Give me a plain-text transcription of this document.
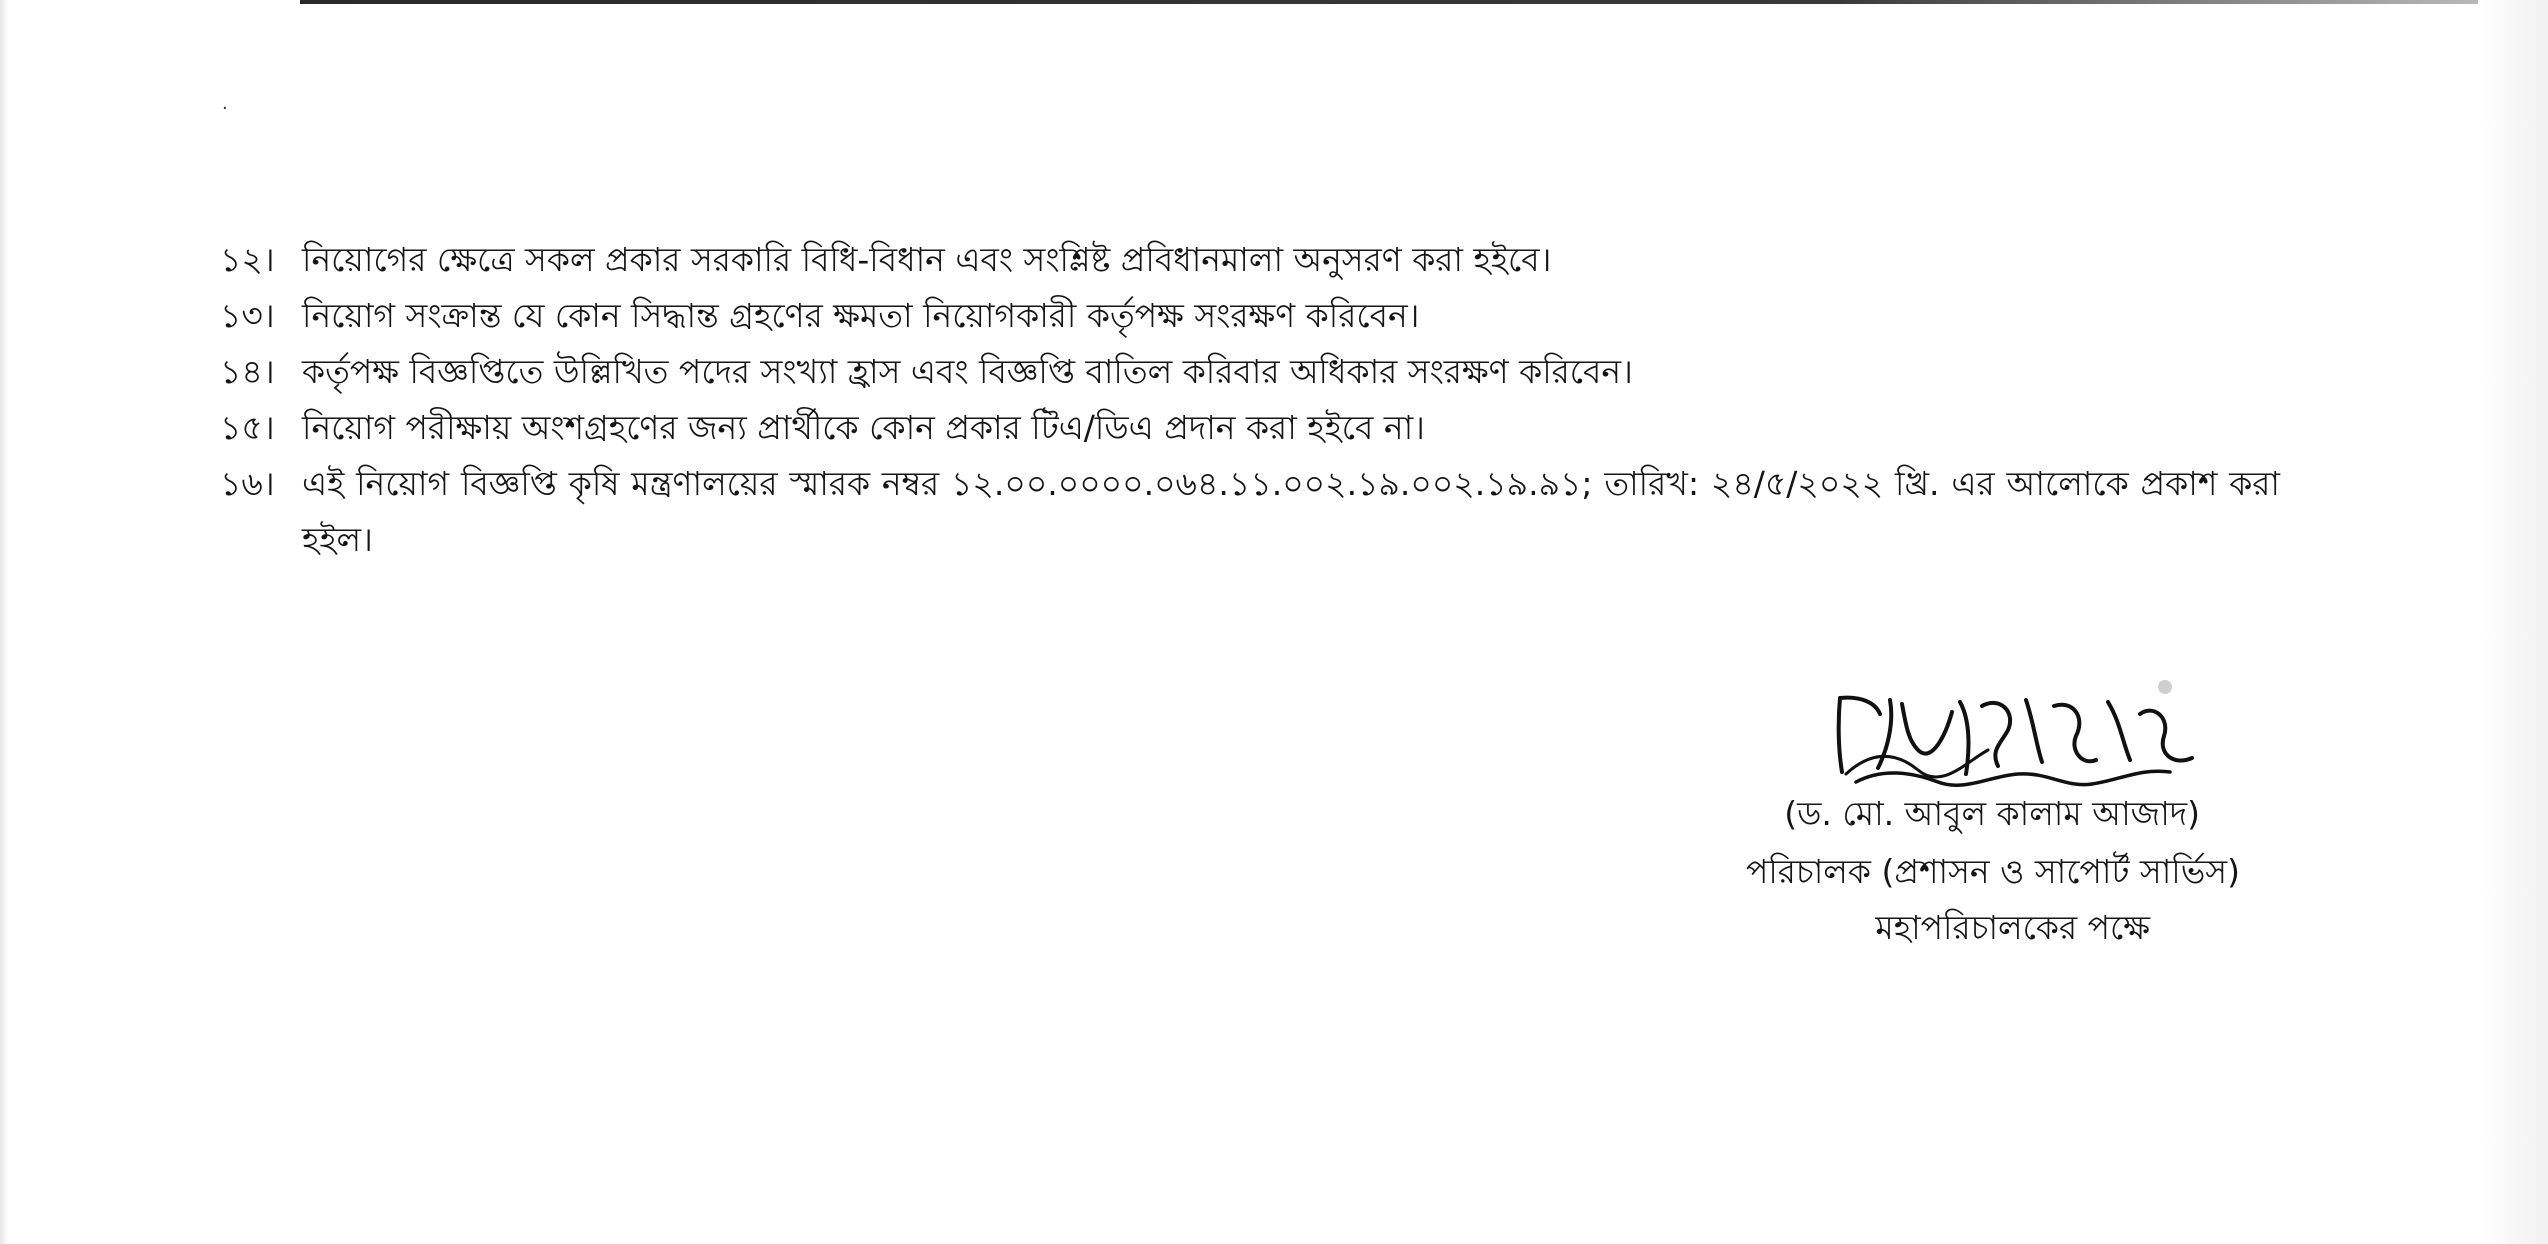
·
১২। নিয়োগের ক্ষেত্রে সকল প্রকার সরকারি বিধি-বিধান এবং সংশ্লিষ্ট প্রবিধানমালা অনুসরণ করা হইবে।
১৩। নিয়োগ সংক্রান্ত যে কোন সিদ্ধান্ত গ্রহণের ক্ষমতা নিয়োগকারী কর্তৃপক্ষ সংরক্ষণ করিবেন।
১৪। কর্তৃপক্ষ বিজ্ঞপ্তিতে উল্লিখিত পদের সংখ্যা হ্রাস এবং বিজ্ঞপ্তি বাতিল করিবার অধিকার সংরক্ষণ করিবেন।
১৫। নিয়োগ পরীক্ষায় অংশগ্রহণের জন্য প্রার্থীকে কোন প্রকার টিএ/ডিএ প্রদান করা হইবে না।
১৬। এই নিয়োগ বিজ্ঞপ্তি কৃষি মন্ত্রণালয়ের স্মারক নম্বর ১২.০০.০০০০.০৬৪.১১.০০২.১৯.০০২.১৯.৯১; তারিখ: ২৪/৫/২০২২ খ্রি. এর আলোকে প্রকাশ করা হইল।
(ড. মো. আবুল কালাম আজাদ)
পরিচালক (প্রশাসন ও সাপোর্ট সার্ভিস)
মহাপরিচালকের পক্ষে
